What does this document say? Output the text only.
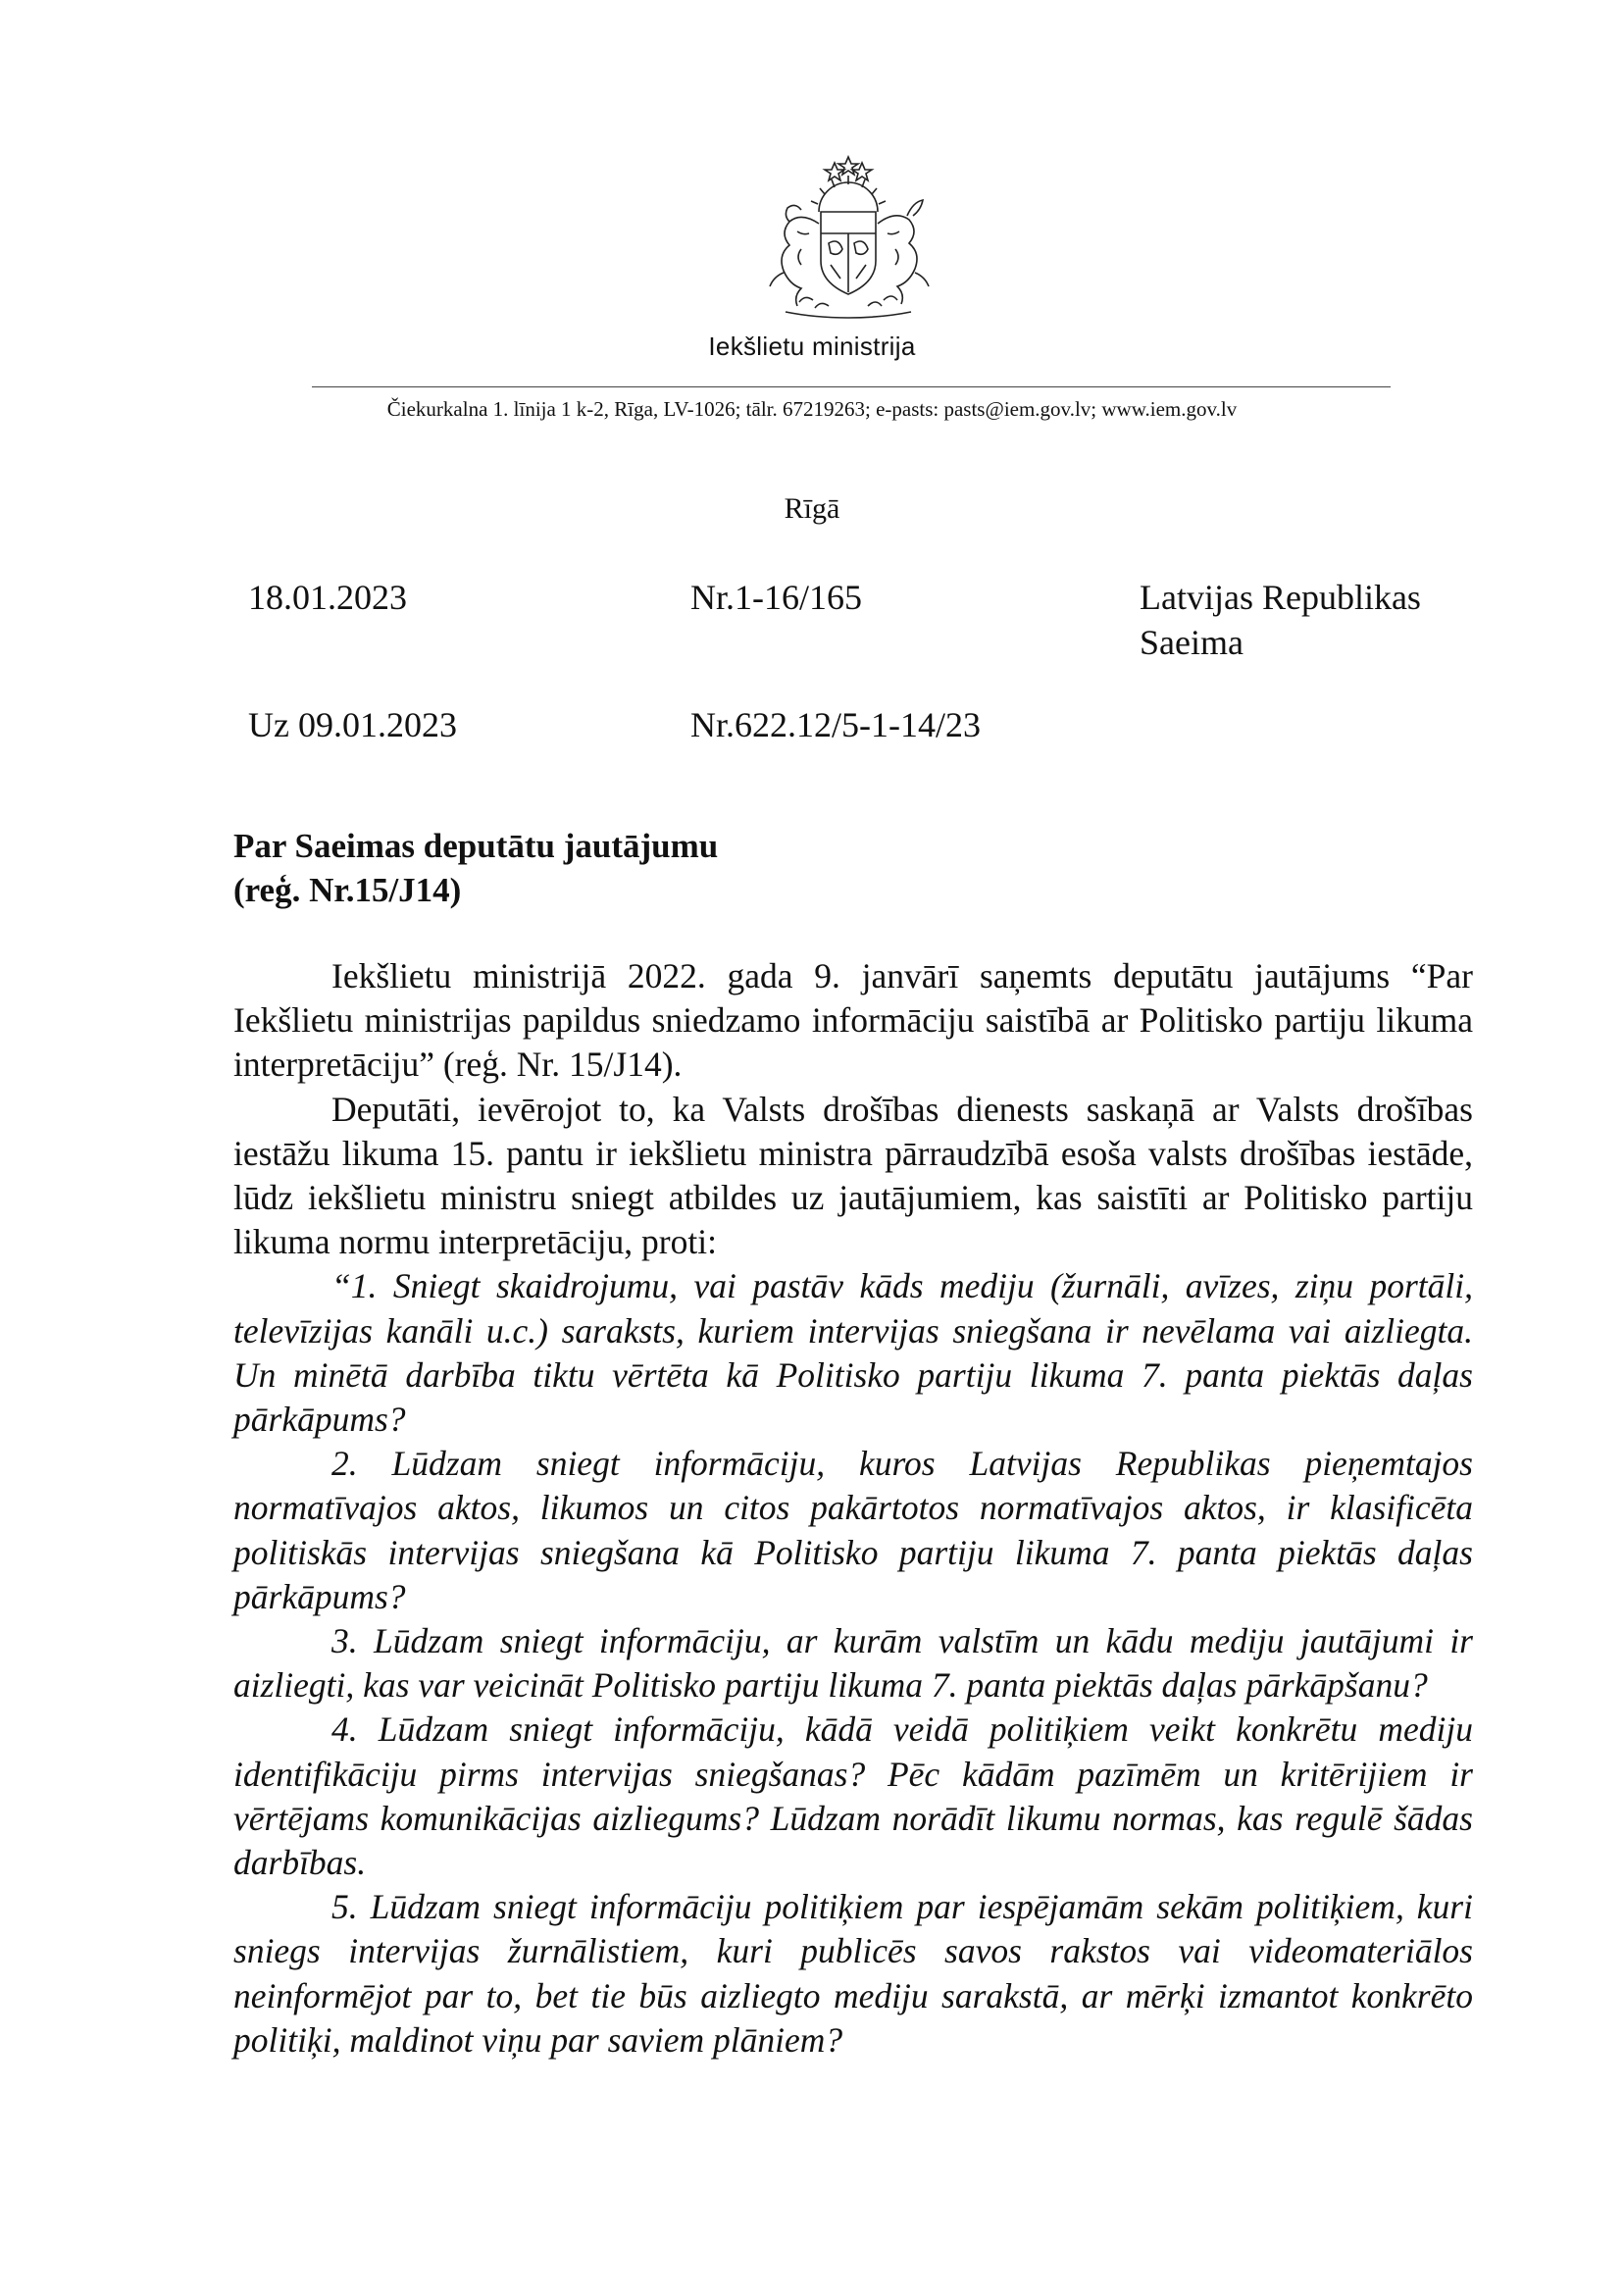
Iekšlietu ministrija
Čiekurkalna 1. līnija 1 k-2, Rīga, LV-1026; tālr. 67219263; e-pasts: pasts@iem.gov.lv; www.iem.gov.lv
Rīgā
18.01.2023	Nr.1-16/165	Latvijas Republikas
Saeima
Uz 09.01.2023	Nr.622.12/5-1-14/23
Par Saeimas deputātu jautājumu
(reģ. Nr.15/J14)

Iekšlietu ministrijā 2022. gada 9. janvārī saņemts deputātu jautājums “Par Iekšlietu ministrijas papildus sniedzamo informāciju saistībā ar Politisko partiju likuma interpretāciju” (reģ. Nr. 15/J14).

Deputāti, ievērojot to, ka Valsts drošības dienests saskaņā ar Valsts drošības iestāžu likuma 15. pantu ir iekšlietu ministra pārraudzībā esoša valsts drošības iestāde, lūdz iekšlietu ministru sniegt atbildes uz jautājumiem, kas saistīti ar Politisko partiju likuma normu interpretāciju, proti:

“1. Sniegt skaidrojumu, vai pastāv kāds mediju (žurnāli, avīzes, ziņu portāli, televīzijas kanāli u.c.) saraksts, kuriem intervijas sniegšana ir nevēlama vai aizliegta. Un minētā darbība tiktu vērtēta kā Politisko partiju likuma 7. panta piektās daļas pārkāpums?

2. Lūdzam sniegt informāciju, kuros Latvijas Republikas pieņemtajos normatīvajos aktos, likumos un citos pakārtotos normatīvajos aktos, ir klasificēta politiskās intervijas sniegšana kā Politisko partiju likuma 7. panta piektās daļas pārkāpums?

3. Lūdzam sniegt informāciju, ar kurām valstīm un kādu mediju jautājumi ir aizliegti, kas var veicināt Politisko partiju likuma 7. panta piektās daļas pārkāpšanu?

4. Lūdzam sniegt informāciju, kādā veidā politiķiem veikt konkrētu mediju identifikāciju pirms intervijas sniegšanas? Pēc kādām pazīmēm un kritērijiem ir vērtējams komunikācijas aizliegums? Lūdzam norādīt likumu normas, kas regulē šādas darbības.

5. Lūdzam sniegt informāciju politiķiem par iespējamām sekām politiķiem, kuri sniegs intervijas žurnālistiem, kuri publicēs savos rakstos vai videomateriālos neinformējot par to, bet tie būs aizliegto mediju sarakstā, ar mērķi izmantot konkrēto politiķi, maldinot viņu par saviem plāniem?
